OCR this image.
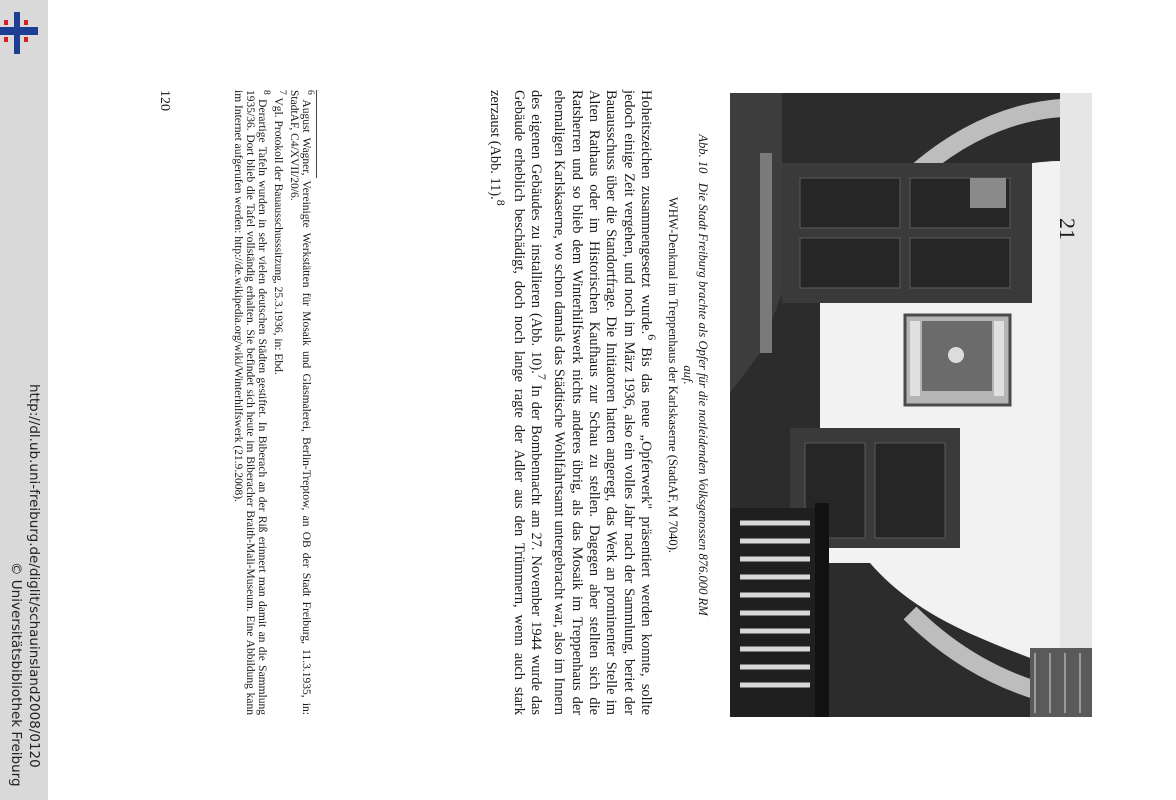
http://dl.ub.uni-freiburg.de/diglit/schauinsland2008/0120
© Universitätsbibliothek Freiburg
21
Abb. 10   Die Stadt Freiburg brachte als Opfer für die notleidenden Volksgenossen 876.000 RM auf.
WHW-Denkmal im Treppenhaus der Karlskaserne (StadtAF, M 7040).
Hoheitszeichen zusammengesetzt wurde.$^6$ Bis das neue „Opferwerk" präsentiert werden konnte, sollte jedoch einige Zeit vergehen, und noch im März 1936, also ein volles Jahr nach der Sammlung, beriet der Bauausschuss über die Standortfrage. Die Initiatoren hatten angeregt, das Werk an prominenter Stelle im Alten Rathaus oder im Historischen Kaufhaus zur Schau zu stellen. Dagegen aber stellten sich die Ratsherren und so blieb dem Winterhilfswerk nichts anderes übrig, als das Mosaik im Treppenhaus der ehemaligen Karlskaserne, wo schon damals das Städtische Wohlfahrtsamt untergebracht war, also im Innern des eigenen Gebäudes zu installieren (Abb. 10).$^7$ In der Bombennacht am 27. November 1944 wurde das Gebäude erheblich beschädigt, doch noch lange ragte der Adler aus den Trümmern, wenn auch stark zerzaust (Abb. 11).$^8$

$^6$ August Wagner, Vereinigte Werkstätten für Mosaik und Glasmalerei, Berlin-Treptow, an OB der Stadt Freiburg, 11.3.1935, in: StadtAF, C4/XVII/20/6.

$^7$ Vgl. Protokoll der Bauausschusssitzung, 25.3.1936, in: Ebd.

$^8$ Derartige Tafeln wurden in sehr vielen deutschen Städten gestiftet. In Biberach an der Riß erinnert man damit an die Sammlung 1935/36. Dort blieb die Tafel vollständig erhalten. Sie befindet sich heute im Biberacher Braith-Mali-Museum. Eine Abbildung kann im Internet aufgerufen werden: http://de.wikipedia.org/wiki/Winterhilfswerk (21.9.2008).

120
